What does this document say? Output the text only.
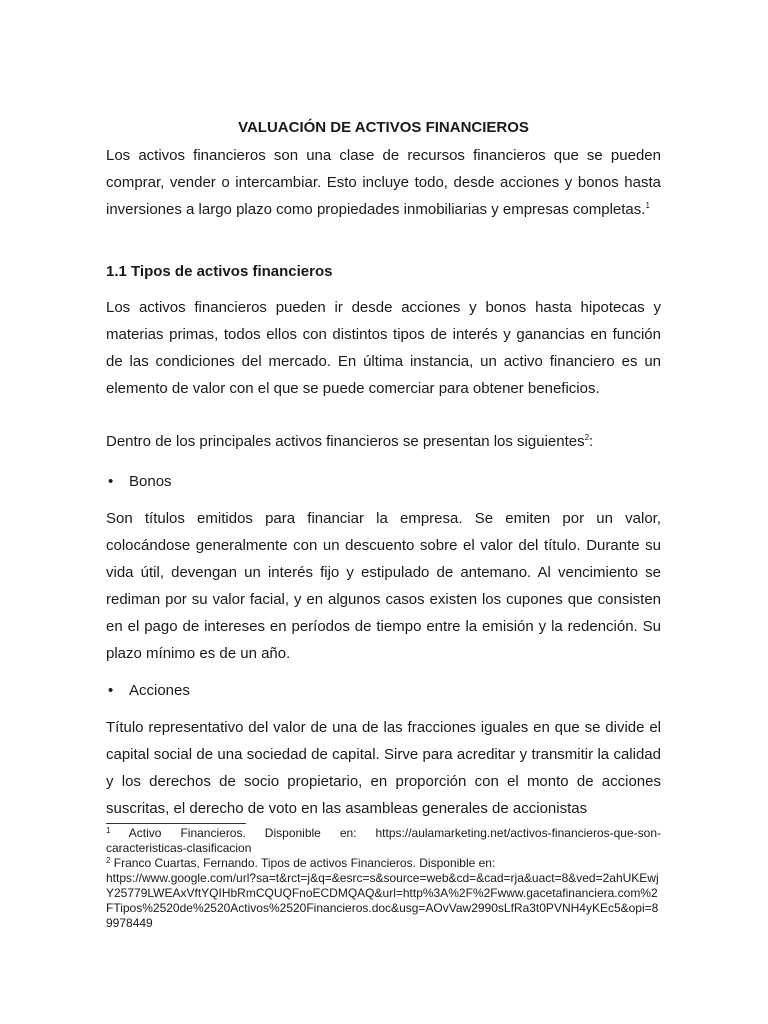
VALUACIÓN DE ACTIVOS FINANCIEROS

Los activos financieros son una clase de recursos financieros que se pueden comprar, vender o intercambiar. Esto incluye todo, desde acciones y bonos hasta inversiones a largo plazo como propiedades inmobiliarias y empresas completas.$^1$

1.1 Tipos de activos financieros

Los activos financieros pueden ir desde acciones y bonos hasta hipotecas y materias primas, todos ellos con distintos tipos de interés y ganancias en función de las condiciones del mercado. En última instancia, un activo financiero es un elemento de valor con el que se puede comerciar para obtener beneficios.

Dentro de los principales activos financieros se presentan los siguientes$^2$:

• Bonos

Son títulos emitidos para financiar la empresa. Se emiten por un valor, colocándose generalmente con un descuento sobre el valor del título. Durante su vida útil, devengan un interés fijo y estipulado de antemano. Al vencimiento se rediman por su valor facial, y en algunos casos existen los cupones que consisten en el pago de intereses en períodos de tiempo entre la emisión y la redención. Su plazo mínimo es de un año.

• Acciones

Título representativo del valor de una de las fracciones iguales en que se divide el capital social de una sociedad de capital. Sirve para acreditar y transmitir la calidad y los derechos de socio propietario, en proporción con el monto de acciones suscritas, el derecho de voto en las asambleas generales de accionistas

$^1$ Activo Financieros. Disponible en: https://aulamarketing.net/activos-financieros-que-son-caracteristicas-clasificacion

$^2$ Franco Cuartas, Fernando. Tipos de activos Financieros. Disponible en:
https://www.google.com/url?sa=t&rct=j&q=&esrc=s&source=web&cd=&cad=rja&uact=8&ved=2ahUKEwjY25779LWEAxVftYQIHbRmCQUQFnoECDMQAQ&url=http%3A%2F%2Fwww.gacetafinanciera.com%2FTipos%2520de%2520Activos%2520Financieros.doc&usg=AOvVaw2990sLfRa3t0PVNH4yKEc5&opi=89978449
